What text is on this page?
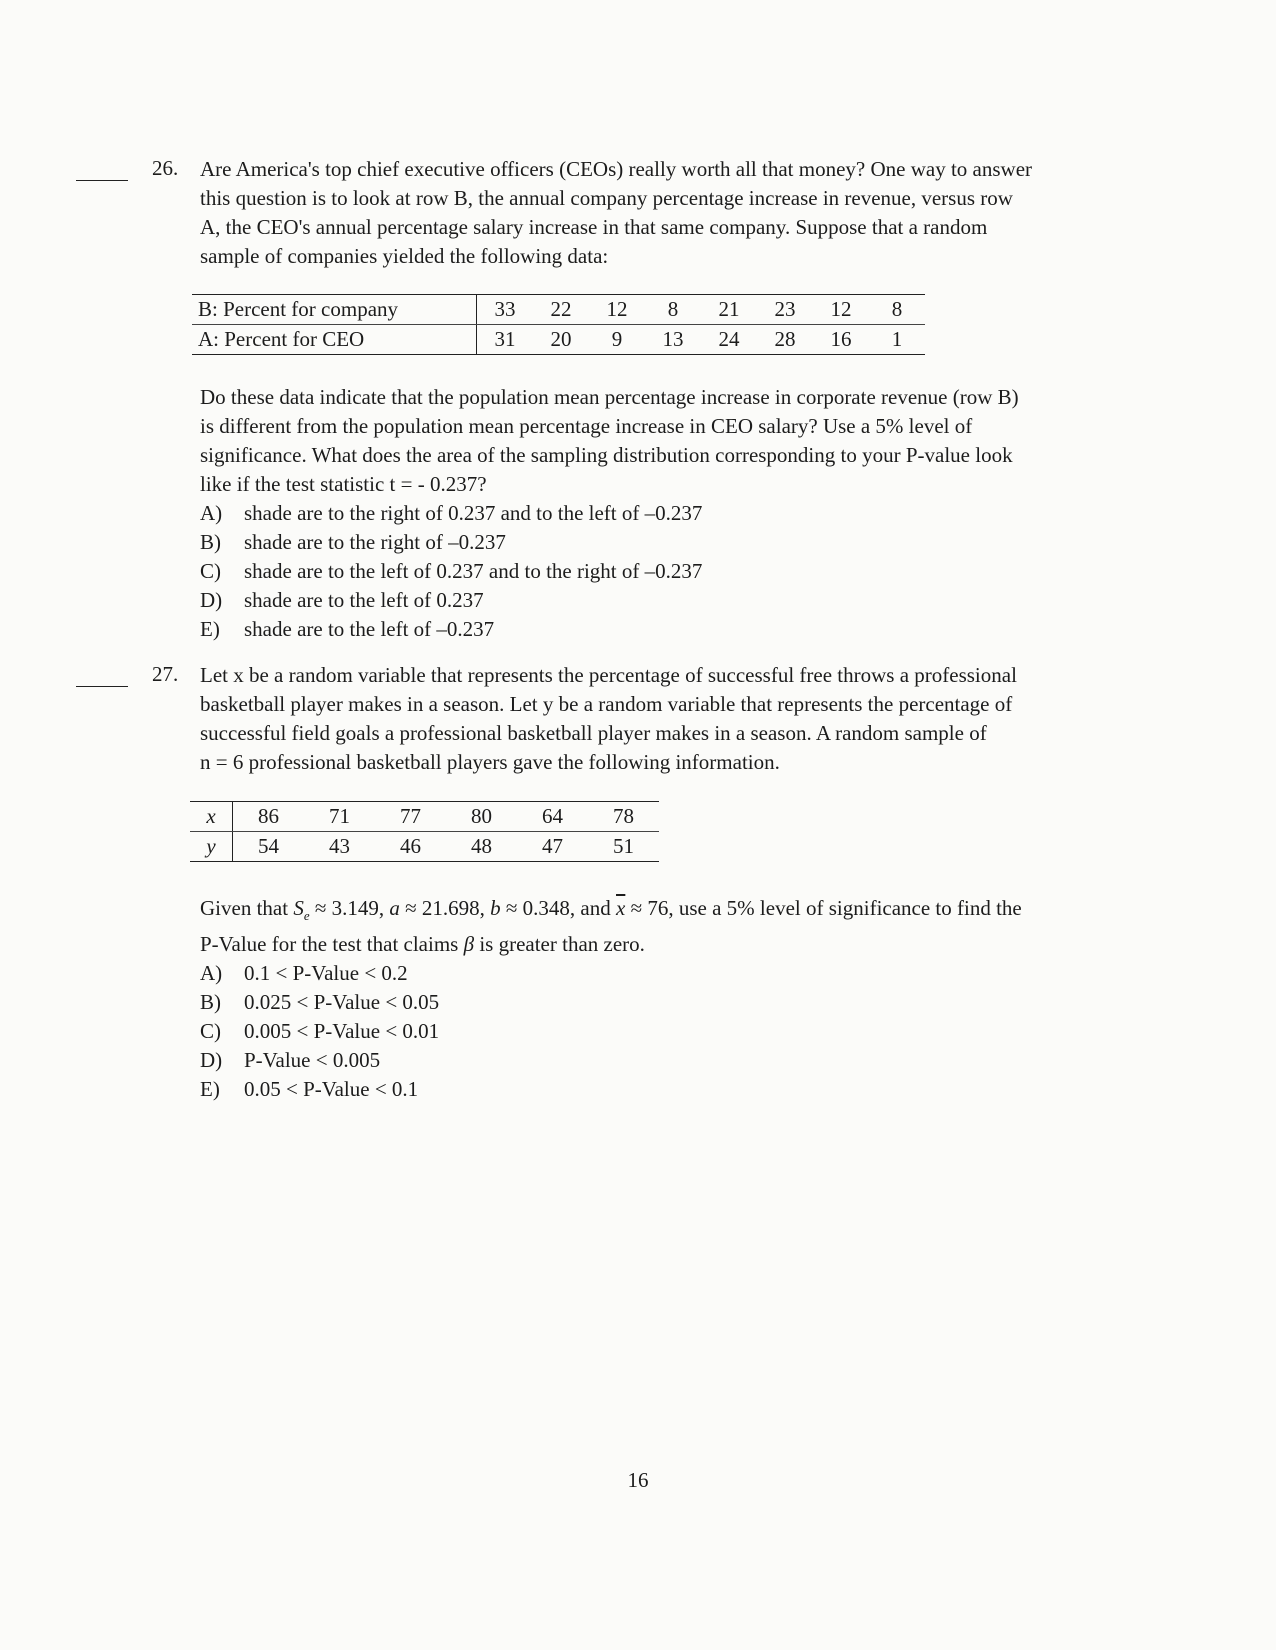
26. Are America's top chief executive officers (CEOs) really worth all that money? One way to answer

this question is to look at row B, the annual company percentage increase in revenue, versus row

A, the CEO's annual percentage salary increase in that same company. Suppose that a random

sample of companies yielded the following data:

B: Percent for company	33	22	12	8	21	23	12	8
A: Percent for CEO	31	20	9	13	24	28	16	1

Do these data indicate that the population mean percentage increase in corporate revenue (row B)

is different from the population mean percentage increase in CEO salary? Use a 5% level of

significance. What does the area of the sampling distribution corresponding to your P-value look

like if the test statistic t = - 0.237?

A) shade are to the right of 0.237 and to the left of –0.237
B) shade are to the right of –0.237
C) shade are to the left of 0.237 and to the right of –0.237
D) shade are to the left of 0.237
E) shade are to the left of –0.237
27. Let x be a random variable that represents the percentage of successful free throws a professional

basketball player makes in a season. Let y be a random variable that represents the percentage of

successful field goals a professional basketball player makes in a season. A random sample of

n = 6 professional basketball players gave the following information.

x	86	71	77	80	64	78
y	54	43	46	48	47	51

Given that $S_e \approx 3.149$, a ≈ 21.698, b ≈ 0.348, and $\overline{x} \approx 76$, use a 5% level of significance to find the

P-Value for the test that claims β is greater than zero.

A) 0.1 < P-Value < 0.2
B) 0.025 < P-Value < 0.05
C) 0.005 < P-Value < 0.01
D) P-Value < 0.005
E) 0.05 < P-Value < 0.1
16
